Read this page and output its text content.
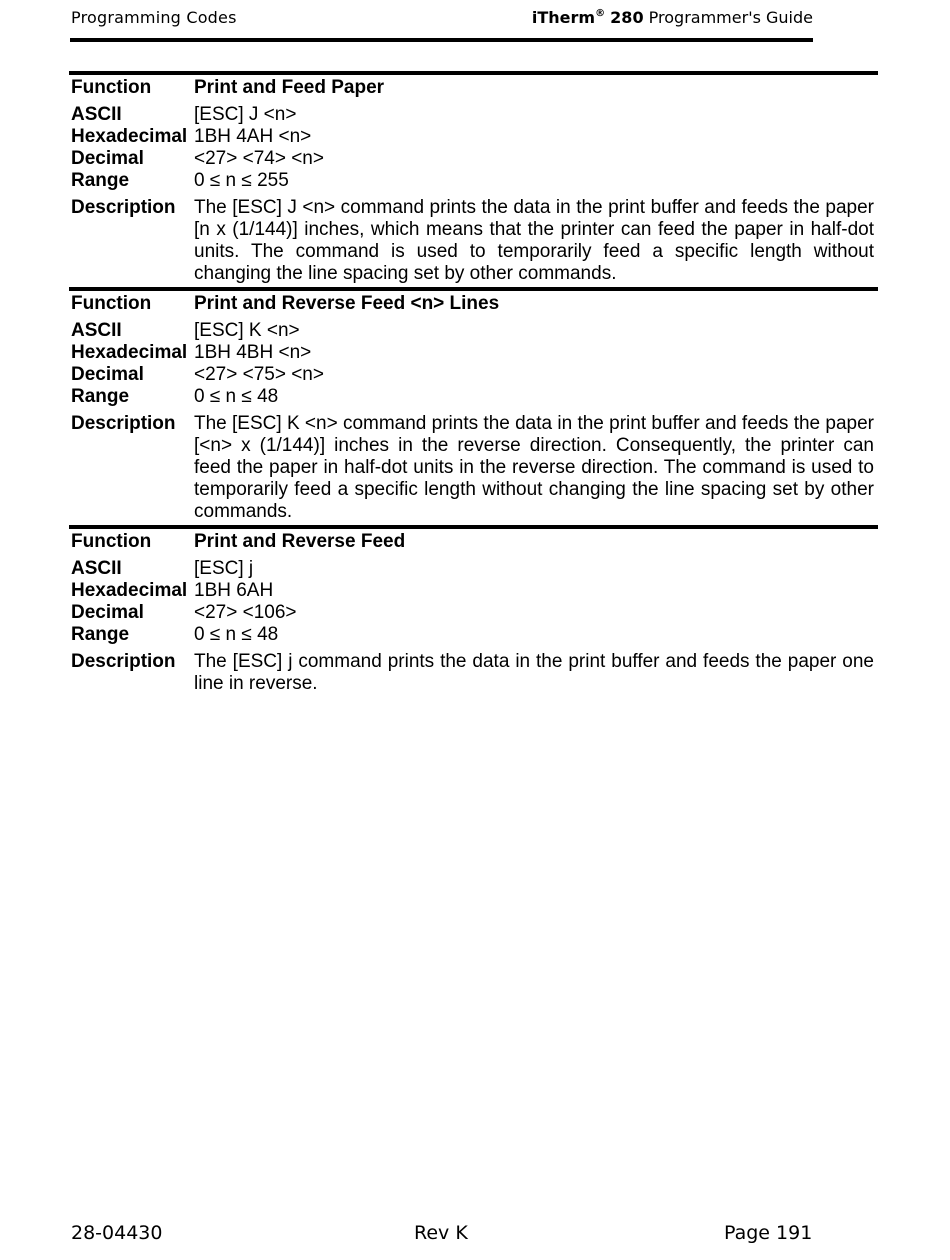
Programming Codes	iTherm® 280 Programmer's Guide
Function	Print and Feed Paper
ASCII	[ESC] J <n>
Hexadecimal 1BH 4AH <n>
Decimal	<27> <74> <n>
Range	0 ≤ n ≤ 255
Description The [ESC] J <n> command prints the data in the print buffer and feeds the paper [n x (1/144)] inches, which means that the printer can feed the paper in half-dot units. The command is used to temporarily feed a specific length without changing the line spacing set by other commands.
Function	Print and Reverse Feed <n> Lines
ASCII	[ESC] K <n>
Hexadecimal 1BH 4BH <n>
Decimal	<27> <75> <n>
Range	0 ≤ n ≤ 48
Description The [ESC] K <n> command prints the data in the print buffer and feeds the paper [<n> x (1/144)] inches in the reverse direction. Consequently, the printer can feed the paper in half-dot units in the reverse direction. The command is used to temporarily feed a specific length without changing the line spacing set by other commands.
Function	Print and Reverse Feed
ASCII	[ESC] j
Hexadecimal 1BH 6AH
Decimal	<27> <106>
Range	0 ≤ n ≤ 48
Description The [ESC] j command prints the data in the print buffer and feeds the paper one line in reverse.
28-04430	Rev K	Page 191
